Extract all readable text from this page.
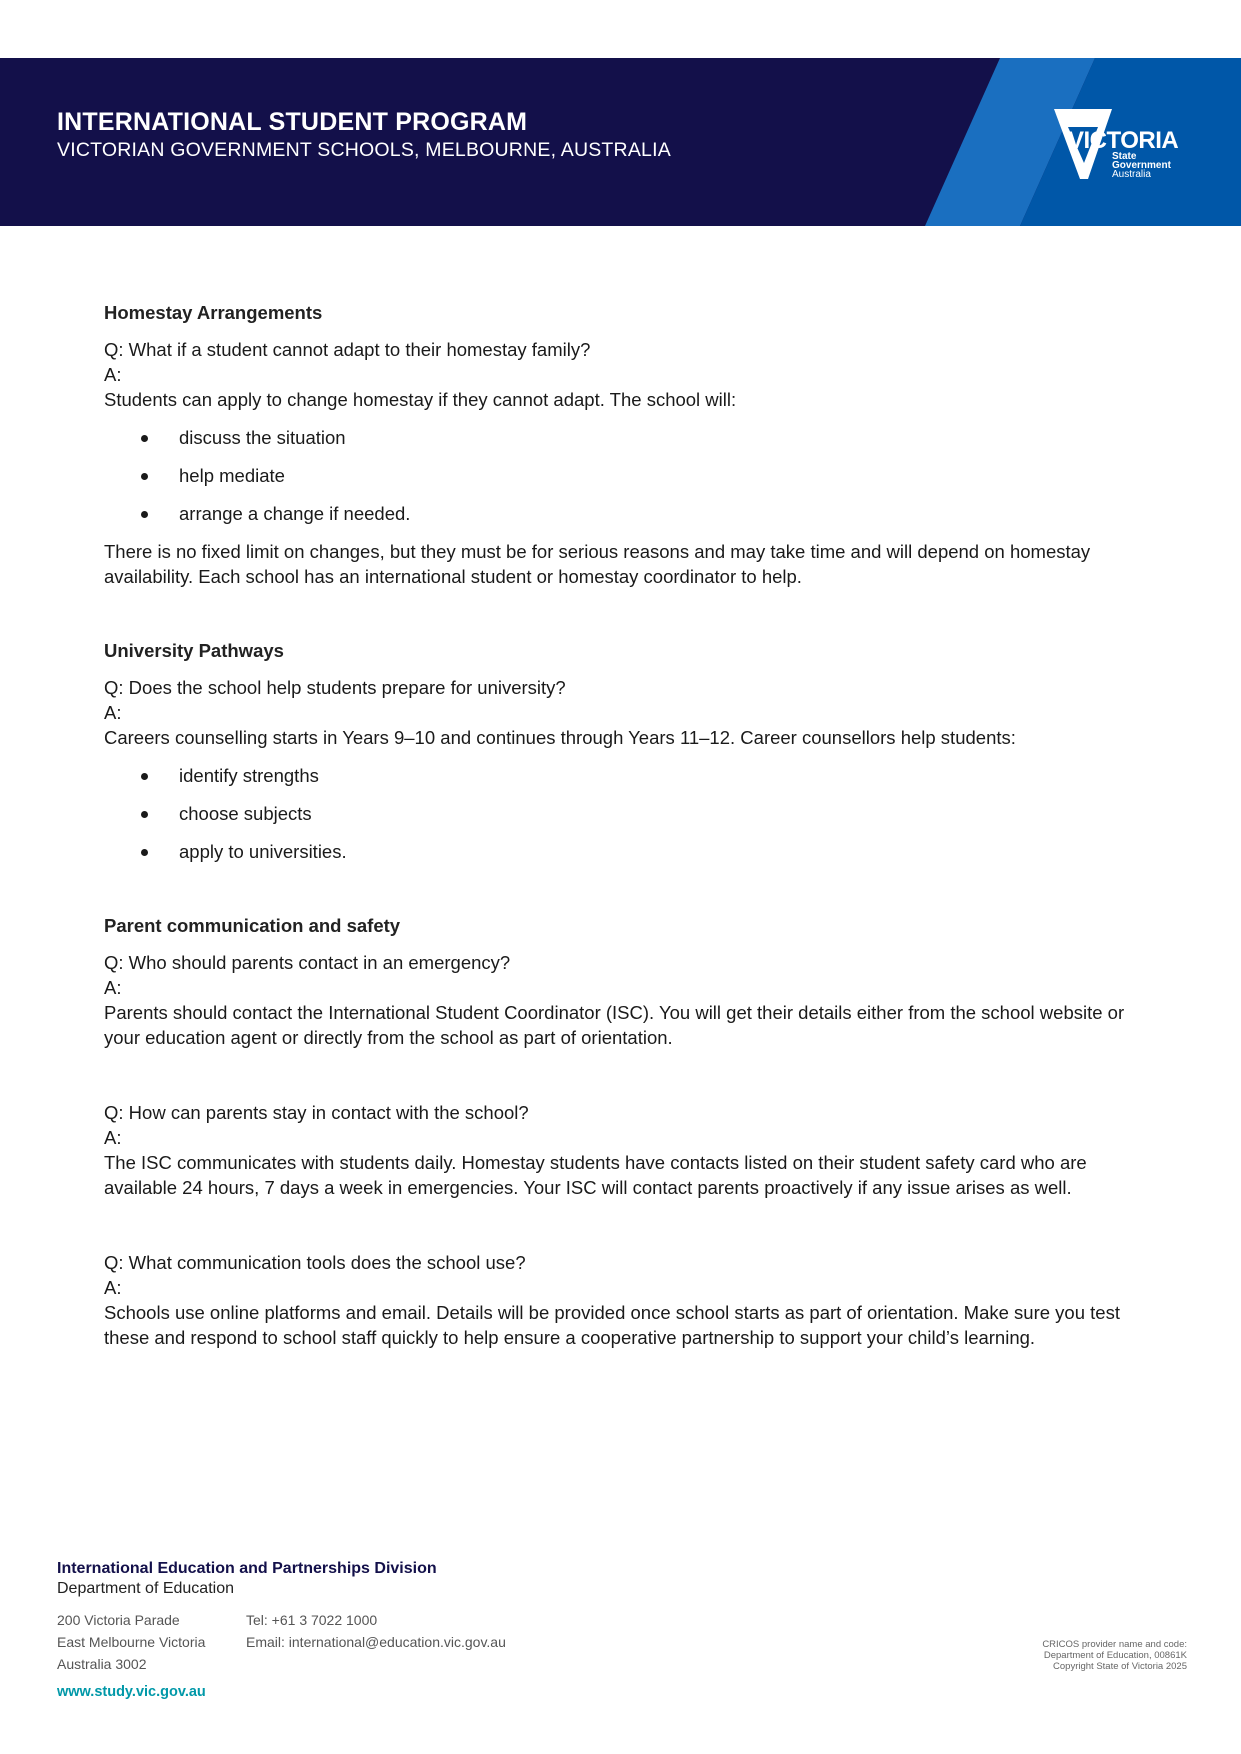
INTERNATIONAL STUDENT PROGRAM
VICTORIAN GOVERNMENT SCHOOLS, MELBOURNE, AUSTRALIA	VICTORIA
State
Government
Australia
Homestay Arrangements

Q: What if a student cannot adapt to their homestay family?

A:

Students can apply to change homestay if they cannot adapt. The school will:

discuss the situation
help mediate
arrange a change if needed.

There is no fixed limit on changes, but they must be for serious reasons and may take time and will depend on homestay availability. Each school has an international student or homestay coordinator to help.

University Pathways

Q: Does the school help students prepare for university?

A:

Careers counselling starts in Years 9–10 and continues through Years 11–12. Career counsellors help students:

identify strengths
choose subjects
apply to universities.
Parent communication and safety

Q: Who should parents contact in an emergency?

A:

Parents should contact the International Student Coordinator (ISC). You will get their details either from the school website or your education agent or directly from the school as part of orientation.

Q: How can parents stay in contact with the school?

A:

The ISC communicates with students daily. Homestay students have contacts listed on their student safety card who are available 24 hours, 7 days a week in emergencies. Your ISC will contact parents proactively if any issue arises as well.

Q: What communication tools does the school use?

A:

Schools use online platforms and email. Details will be provided once school starts as part of orientation. Make sure you test these and respond to school staff quickly to help ensure a cooperative partnership to support your child’s learning.

International Education and Partnerships Division
Department of Education
200 Victoria Parade
East Melbourne Victoria
Australia 3002
Tel: +61 3 7022 1000
Email: international@education.vic.gov.au
www.study.vic.gov.au
CRICOS provider name and code:
Department of Education, 00861K
Copyright State of Victoria 2025
